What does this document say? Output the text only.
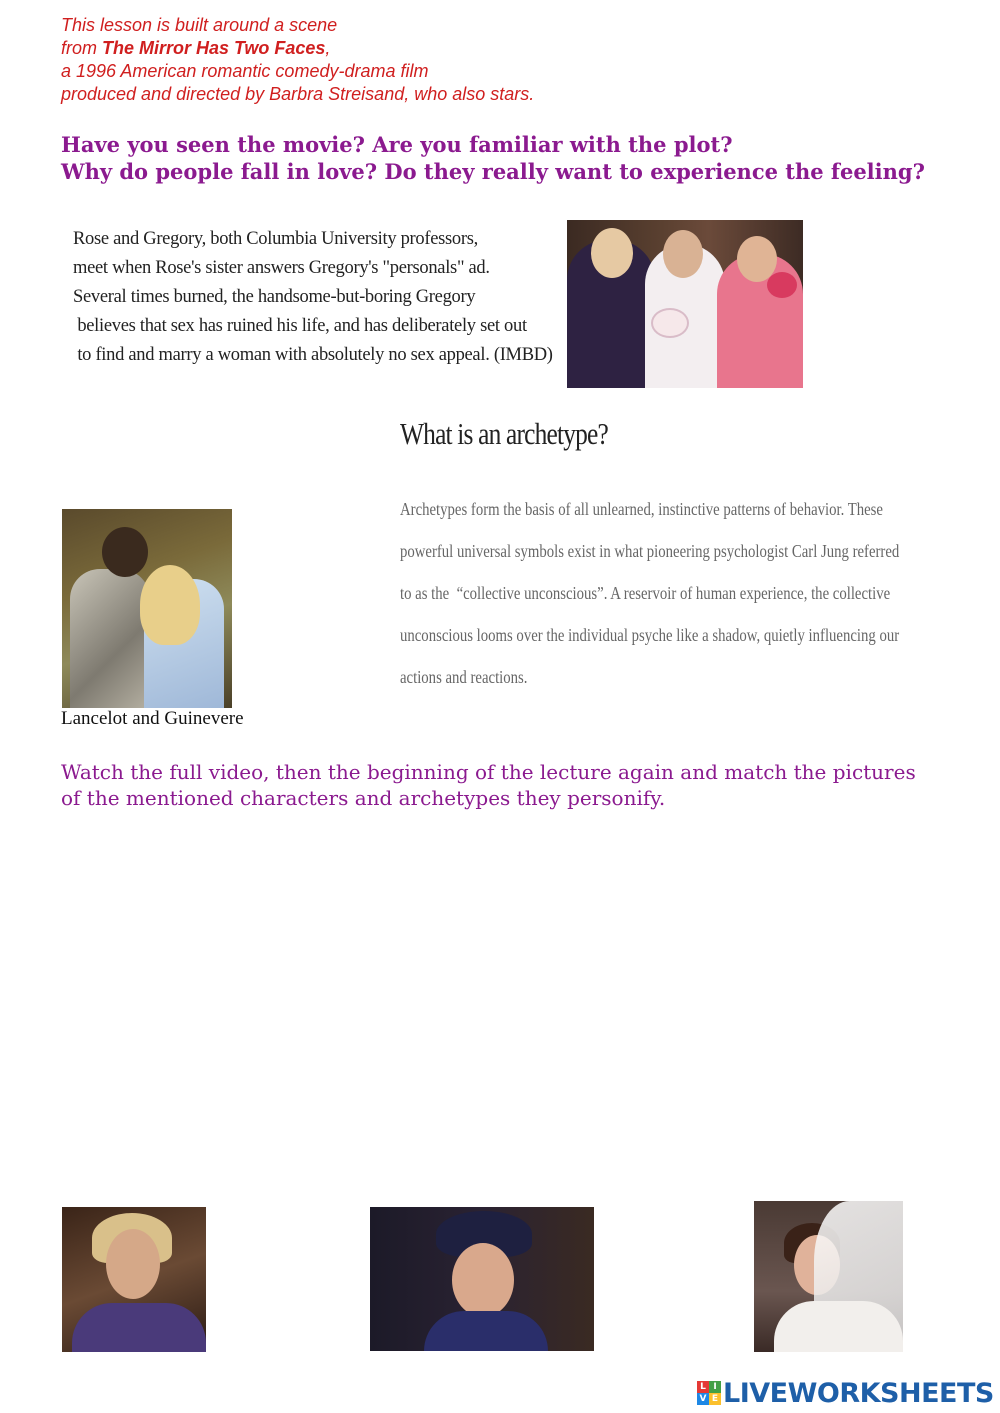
This lesson is built around a scene
from The Mirror Has Two Faces,
a 1996 American romantic comedy-drama film
produced and directed by Barbra Streisand, who also stars.
Have you seen the movie? Are you familiar with the plot?
Why do people fall in love? Do they really want to experience the feeling?
Rose and Gregory, both Columbia University professors,
meet when Rose's sister answers Gregory's "personals" ad.
Several times burned, the handsome-but-boring Gregory
believes that sex has ruined his life, and has deliberately set out
to find and marry a woman with absolutely no sex appeal. (IMBD)
What is an archetype?
Archetypes form the basis of all unlearned, instinctive patterns of behavior. These
powerful universal symbols exist in what pioneering psychologist Carl Jung referred
to as the  “collective unconscious”. A reservoir of human experience, the collective
unconscious looms over the individual psyche like a shadow, quietly influencing our
actions and reactions.
Lancelot and Guinevere
Watch the full video, then the beginning of the lecture again and match the pictures
of the mentioned characters and archetypes they personify.
L I
V E LIVEWORKSHEETS
